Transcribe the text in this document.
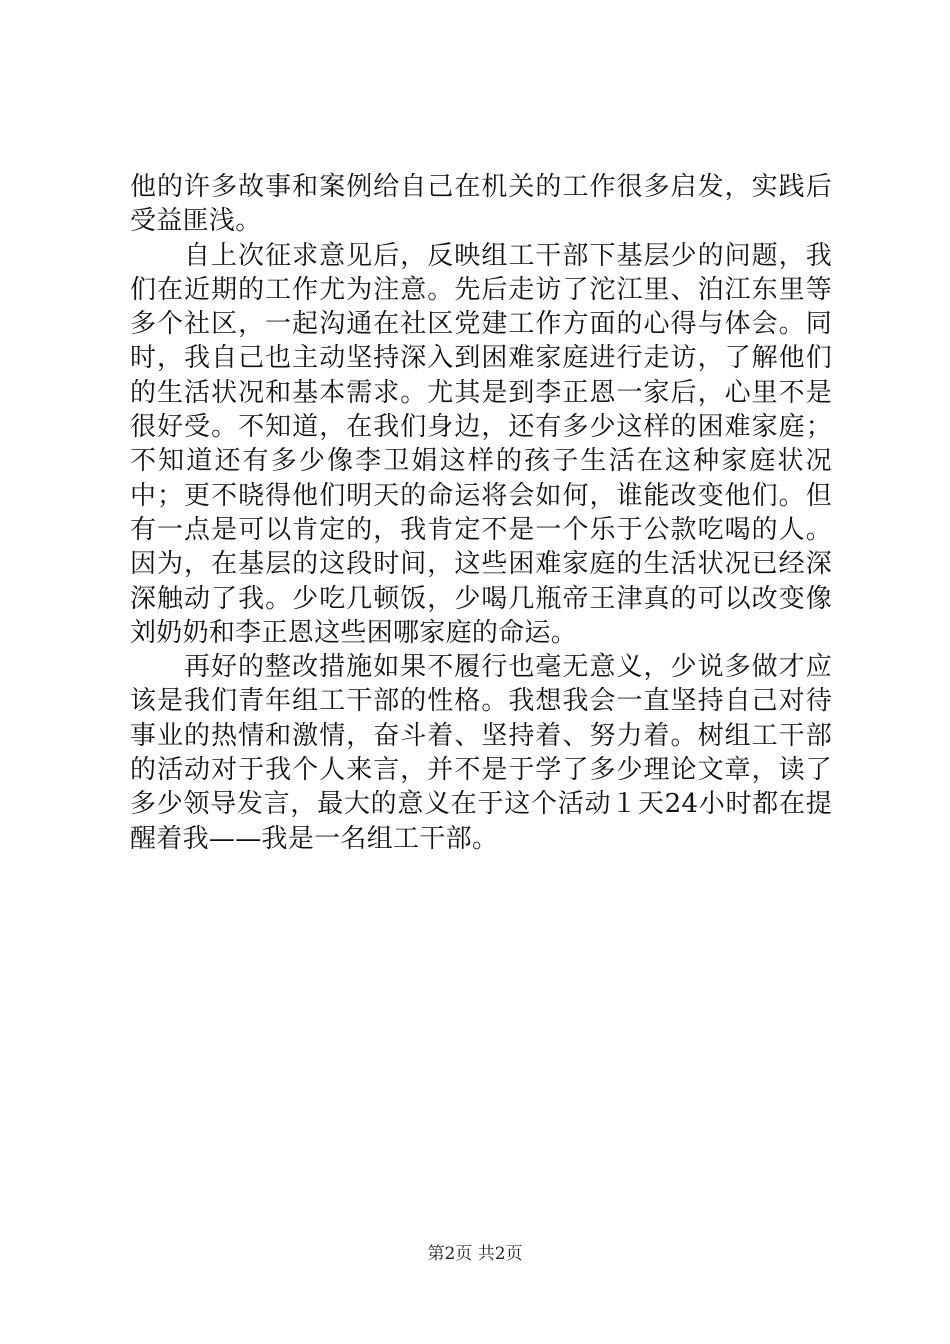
他的许多故事和案例给自己在机关的工作很多启发，实践后受益匪浅。

自上次征求意见后，反映组工干部下基层少的问题，我们在近期的工作尤为注意。先后走访了沱江里、泊江东里等多个社区，一起沟通在社区党建工作方面的心得与体会。同时，我自己也主动坚持深入到困难家庭进行走访，了解他们的生活状况和基本需求。尤其是到李正恩一家后，心里不是很好受。不知道，在我们身边，还有多少这样的困难家庭；不知道还有多少像李卫娟这样的孩子生活在这种家庭状况中；更不晓得他们明天的命运将会如何，谁能改变他们。但有一点是可以肯定的，我肯定不是一个乐于公款吃喝的人。因为，在基层的这段时间，这些困难家庭的生活状况已经深深触动了我。少吃几顿饭，少喝几瓶帝王津真的可以改变像刘奶奶和李正恩这些困哪家庭的命运。

再好的整改措施如果不履行也毫无意义，少说多做才应该是我们青年组工干部的性格。我想我会一直坚持自己对待事业的热情和激情，奋斗着、坚持着、努力着。树组工干部的活动对于我个人来言，并不是于学了多少理论文章，读了多少领导发言，最大的意义在于这个活动１天24小时都在提醒着我——我是一名组工干部。

第2页 共2页
